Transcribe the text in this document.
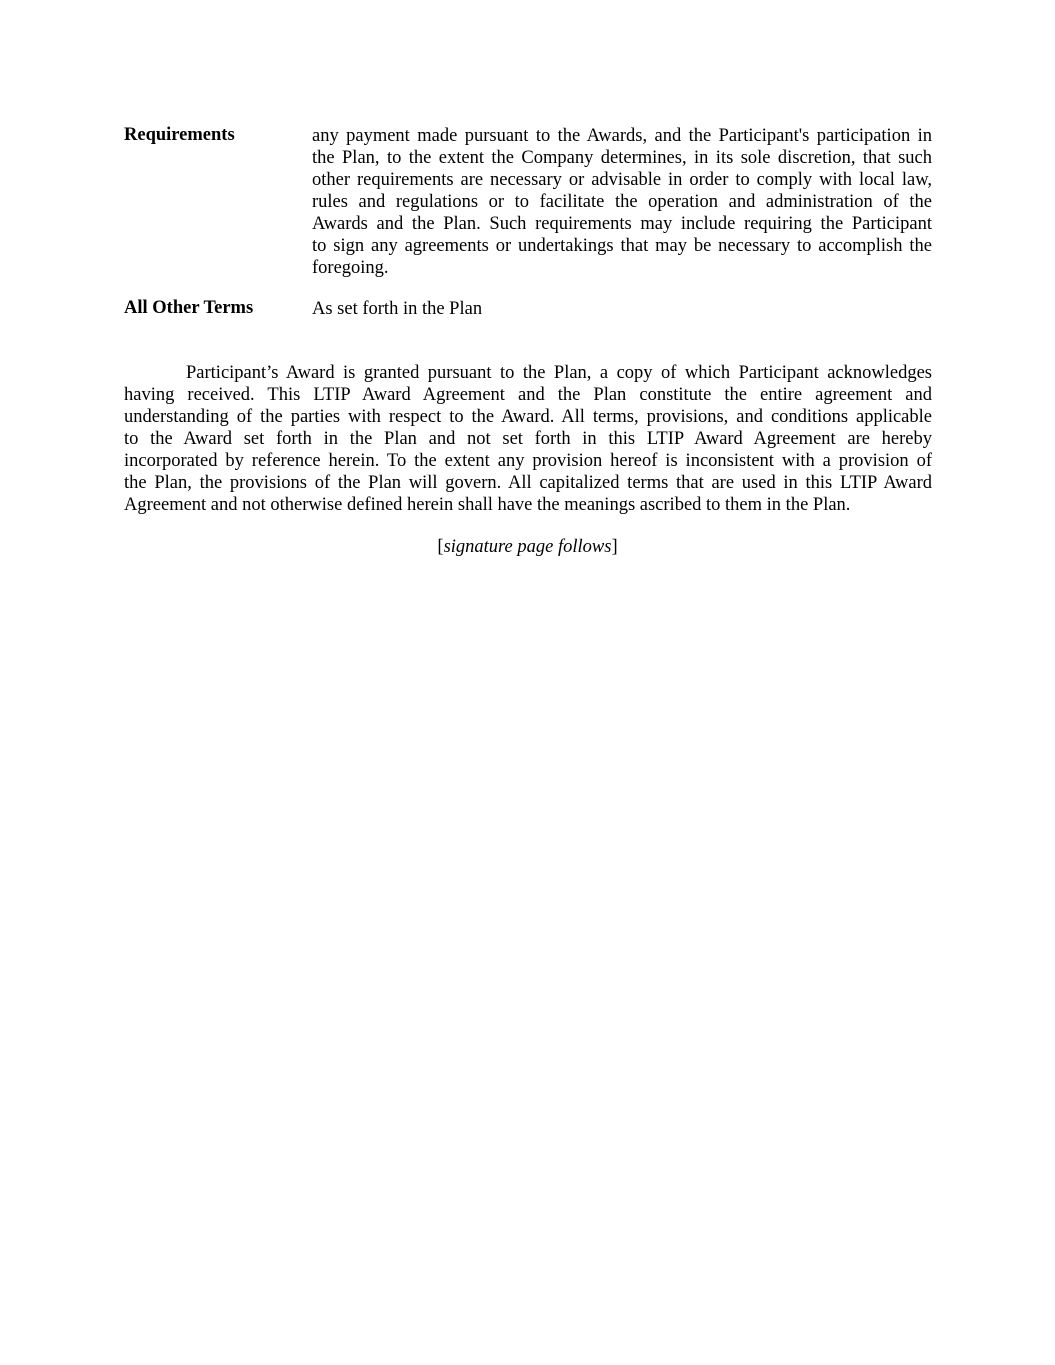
Requirements	any payment made pursuant to the Awards, and the Participant's participation in
the Plan, to the extent the Company determines, in its sole discretion, that such
other requirements are necessary or advisable in order to comply with local law,
rules and regulations or to facilitate the operation and administration of the
Awards and the Plan. Such requirements may include requiring the Participant
to sign any agreements or undertakings that may be necessary to accomplish the
foregoing.
All Other Terms	As set forth in the Plan
Participant’s Award is granted pursuant to the Plan, a copy of which Participant acknowledges
having received. This LTIP Award Agreement and the Plan constitute the entire agreement and
understanding of the parties with respect to the Award. All terms, provisions, and conditions applicable
to the Award set forth in the Plan and not set forth in this LTIP Award Agreement are hereby
incorporated by reference herein. To the extent any provision hereof is inconsistent with a provision of
the Plan, the provisions of the Plan will govern. All capitalized terms that are used in this LTIP Award
Agreement and not otherwise defined herein shall have the meanings ascribed to them in the Plan.
[signature page follows]
